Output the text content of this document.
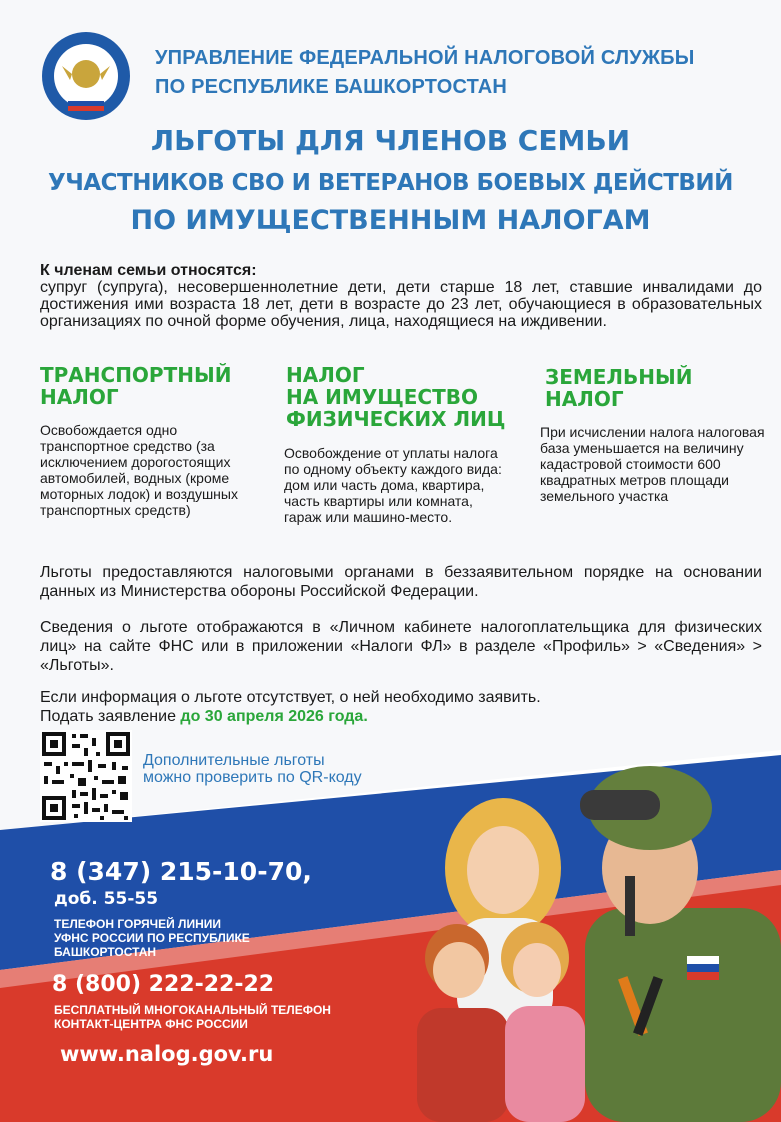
УПРАВЛЕНИЕ ФЕДЕРАЛЬНОЙ НАЛОГОВОЙ СЛУЖБЫ
ПО РЕСПУБЛИКЕ БАШКОРТОСТАН
ЛЬГОТЫ ДЛЯ ЧЛЕНОВ СЕМЬИ
УЧАСТНИКОВ СВО И ВЕТЕРАНОВ БОЕВЫХ ДЕЙСТВИЙ
ПО ИМУЩЕСТВЕННЫМ НАЛОГАМ
К членам семьи относятся:
супруг (супруга), несовершеннолетние дети, дети старше 18 лет, ставшие инвалидами до достижения ими возраста 18 лет, дети в возрасте до 23 лет, обучающиеся в образовательных организациях по очной форме обучения, лица, находящиеся на иждивении.
ТРАНСПОРТНЫЙ
НАЛОГ
Освобождается одно транспортное средство (за исключением дорогостоящих автомобилей, водных (кроме моторных лодок) и воздушных транспортных средств)
НАЛОГ
НА ИМУЩЕСТВО
ФИЗИЧЕСКИХ ЛИЦ
Освобождение от уплаты налога по одному объекту каждого вида: дом или часть дома, квартира, часть квартиры или комната, гараж или машино-место.
ЗЕМЕЛЬНЫЙ
НАЛОГ
При исчислении налога налоговая база уменьшается на величину кадастровой стоимости 600 квадратных метров площади земельного участка
Льготы предоставляются налоговыми органами в беззаявительном порядке на основании данных из Министерства обороны Российской Федерации.
Сведения о льготе отображаются в «Личном кабинете налогоплательщика для физических лиц» на сайте ФНС или в приложении «Налоги ФЛ» в разделе «Профиль» > «Сведения» > «Льготы».
Если информация о льготе отсутствует, о ней необходимо заявить.
Подать заявление до 30 апреля 2026 года.
Дополнительные льготы
можно проверить по QR-коду
8 (347) 215-10-70,
доб. 55-55
ТЕЛЕФОН ГОРЯЧЕЙ ЛИНИИ
УФНС РОССИИ ПО РЕСПУБЛИКЕ
БАШКОРТОСТАН
8 (800) 222-22-22
БЕСПЛАТНЫЙ МНОГОКАНАЛЬНЫЙ ТЕЛЕФОН
КОНТАКТ-ЦЕНТРА ФНС РОССИИ
www.nalog.gov.ru
